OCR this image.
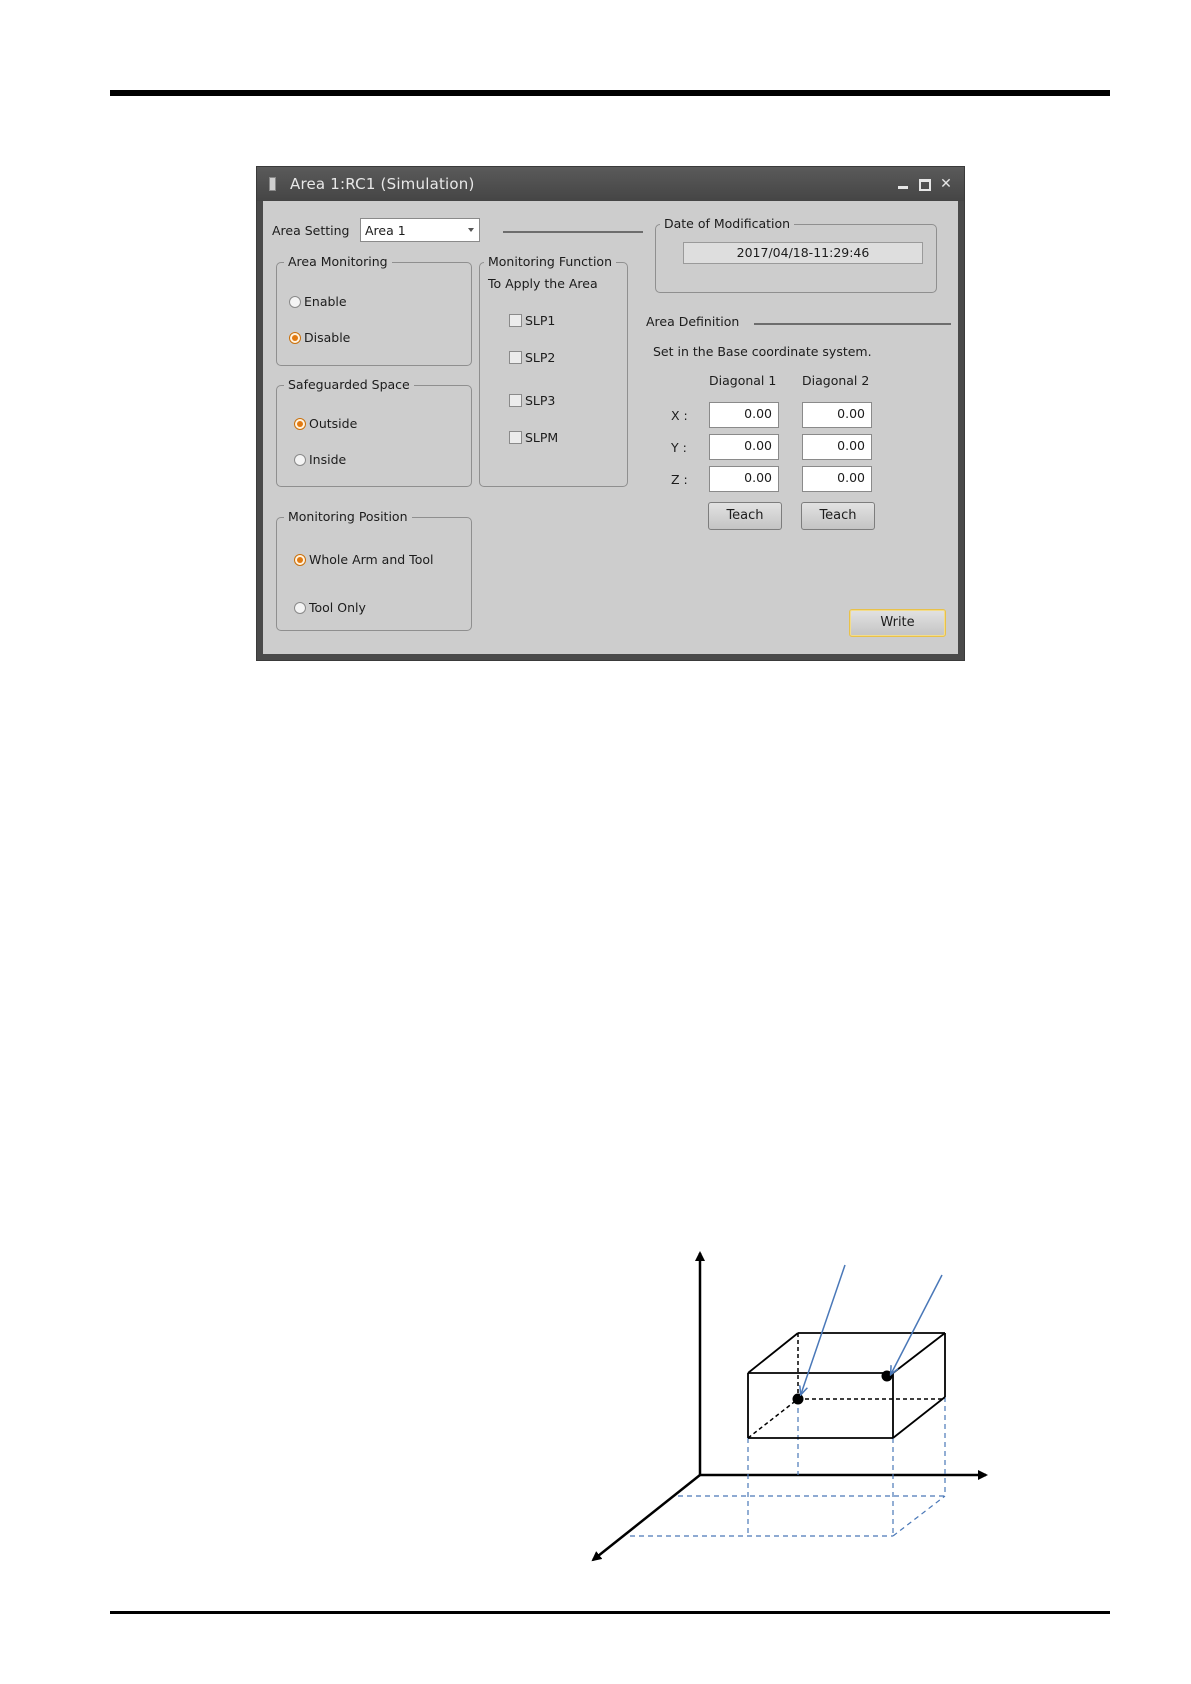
Area 1:RC1 (Simulation)	✕
Area Setting Area 1
Area Monitoring
Enable
Disable
Safeguarded Space
Outside
Inside
Monitoring Position
Whole Arm and Tool
Tool Only
Monitoring Function
To Apply the Area
SLP1
SLP2
SLP3
SLPM
Date of Modification
2017/04/18-11:29:46
Area Definition
Set in the Base coordinate system.
Diagonal 1 Diagonal 2
X :	0.00	0.00
Y :	0.00	0.00
Z :	0.00	0.00
Teach	Teach
Write
